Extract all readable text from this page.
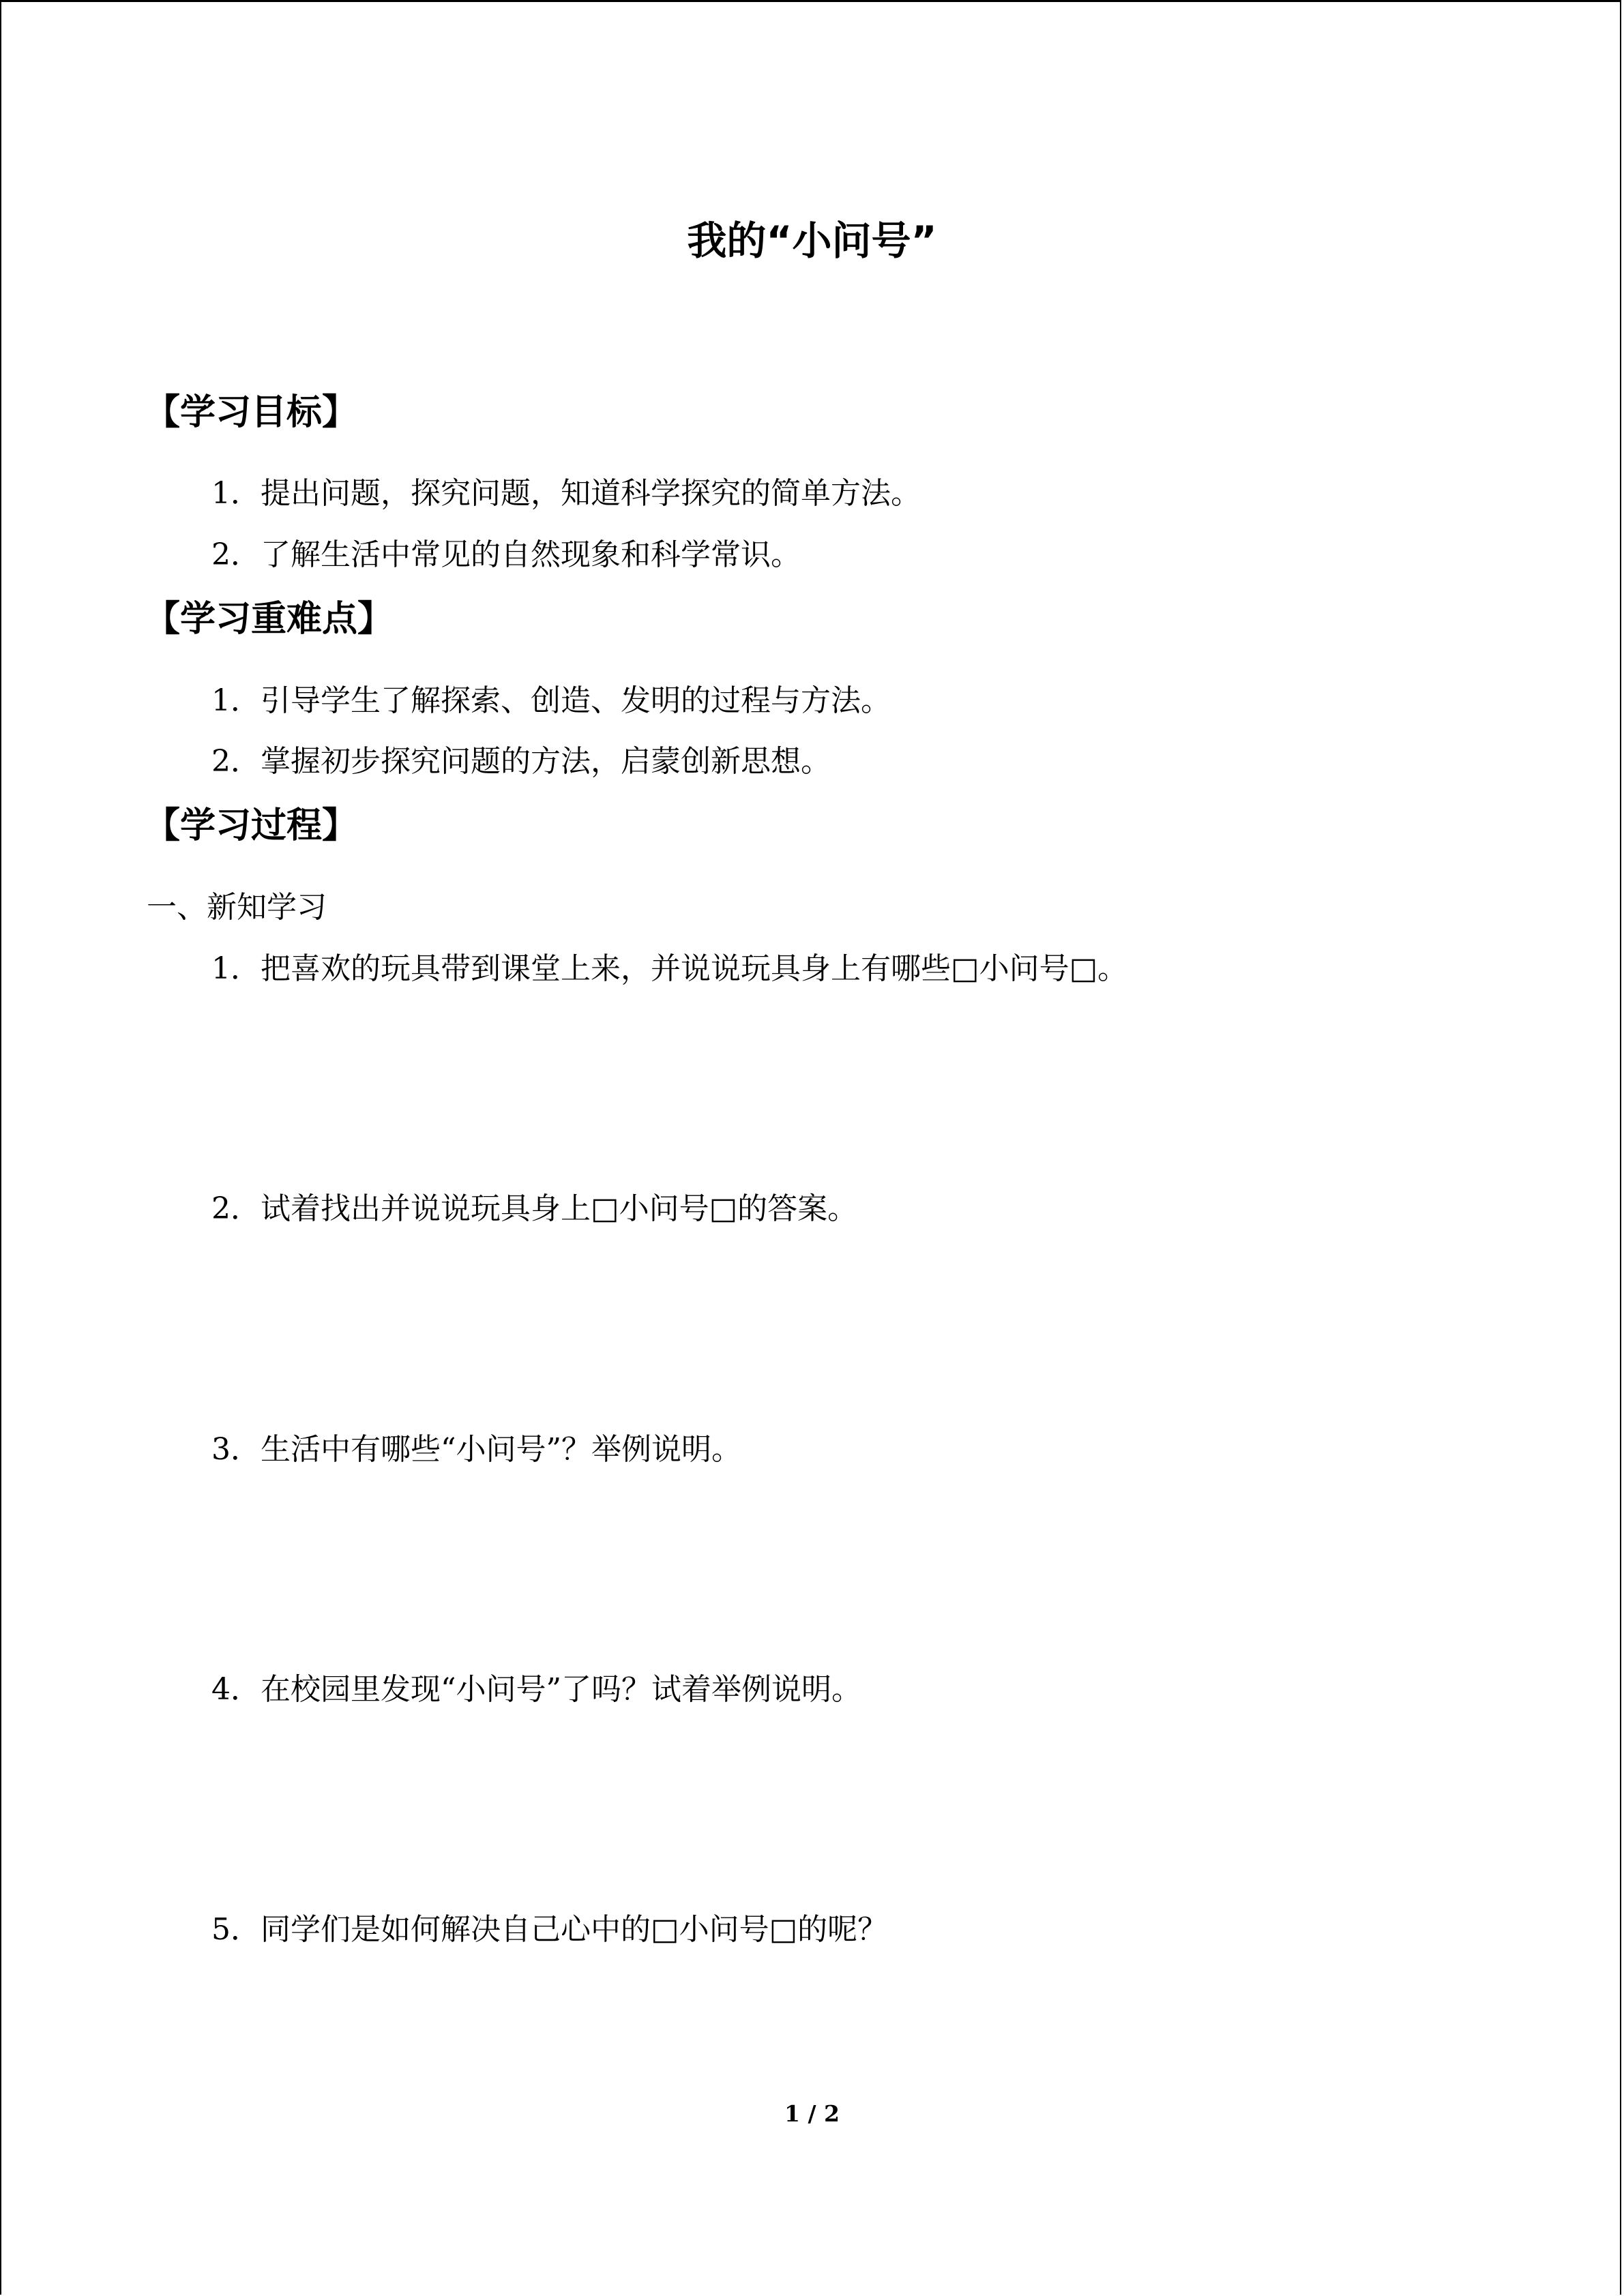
我的“小问号”
【学习目标】

1．提出问题，探究问题，知道科学探究的简单方法。

2．了解生活中常见的自然现象和科学常识。

【学习重难点】

1．引导学生了解探索、创造、发明的过程与方法。

2．掌握初步探究问题的方法，启蒙创新思想。

【学习过程】

一、新知学习

1．把喜欢的玩具带到课堂上来，并说说玩具身上有哪些□小问号□。

2．试着找出并说说玩具身上□小问号□的答案。

3．生活中有哪些“小问号”？举例说明。

4．在校园里发现“小问号”了吗？试着举例说明。

5．同学们是如何解决自己心中的□小问号□的呢？

1 / 2
